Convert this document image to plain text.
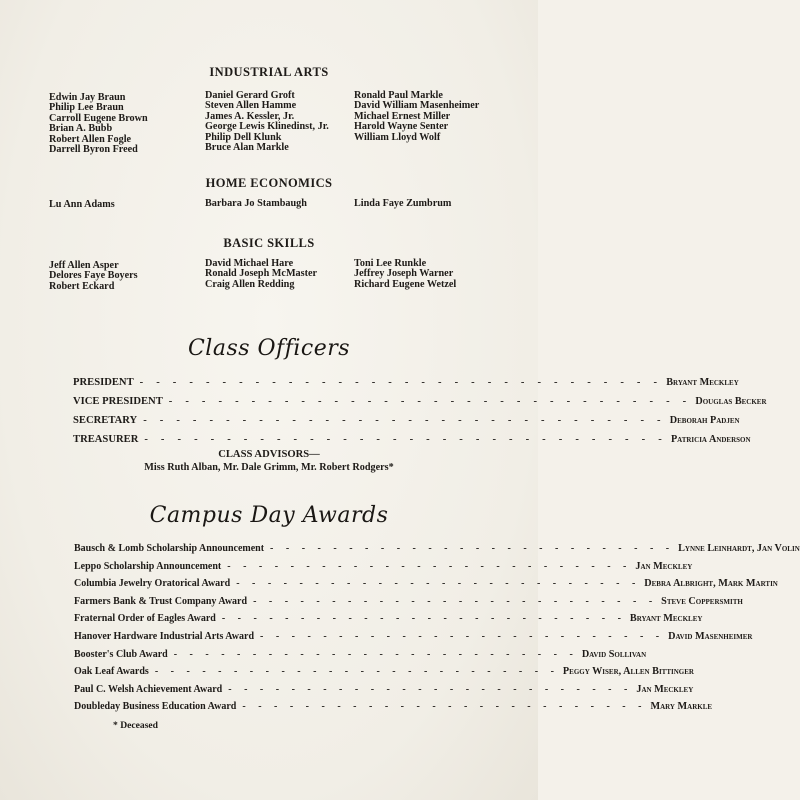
INDUSTRIAL ARTS
Edwin Jay Braun
Philip Lee Braun
Carroll Eugene Brown
Brian A. Bubb
Robert Allen Fogle
Darrell Byron Freed
Daniel Gerard Groft
Steven Allen Hamme
James A. Kessler, Jr.
George Lewis Klinedinst, Jr.
Philip Dell Klunk
Bruce Alan Markle
Ronald Paul Markle
David William Masenheimer
Michael Ernest Miller
Harold Wayne Senter
William Lloyd Wolf
HOME ECONOMICS
Lu Ann Adams	Barbara Jo Stambaugh	Linda Faye Zumbrum
BASIC SKILLS
Jeff Allen Asper
Delores Faye Boyers
Robert Eckard
David Michael Hare
Ronald Joseph McMaster
Craig Allen Redding
Toni Lee Runkle
Jeffrey Joseph Warner
Richard Eugene Wetzel
Class Officers
PRESIDENT - - - - - - - - - - - - - - - - - - - - - - - - - - - - - - - - Bryant Meckley
VICE PRESIDENT - - - - - - - - - - - - - - - - - - - - - - - - - - - - - - - - Douglas Becker
SECRETARY - - - - - - - - - - - - - - - - - - - - - - - - - - - - - - - - Deborah Padjen
TREASURER - - - - - - - - - - - - - - - - - - - - - - - - - - - - - - - - Patricia Anderson
CLASS ADVISORS—
Miss Ruth Alban, Mr. Dale Grimm, Mr. Robert Rodgers*
Campus Day Awards
Bausch & Lomb Scholarship Announcement - - - - - - - - - - - - - - - - - - - - - - - - - - Lynne Leinhardt, Jan Volin
Leppo Scholarship Announcement - - - - - - - - - - - - - - - - - - - - - - - - - - Jan Meckley
Columbia Jewelry Oratorical Award - - - - - - - - - - - - - - - - - - - - - - - - - - Debra Albright, Mark Martin
Farmers Bank & Trust Company Award - - - - - - - - - - - - - - - - - - - - - - - - - - Steve Coppersmith
Fraternal Order of Eagles Award - - - - - - - - - - - - - - - - - - - - - - - - - - Bryant Meckley
Hanover Hardware Industrial Arts Award - - - - - - - - - - - - - - - - - - - - - - - - - - David Masenheimer
Booster's Club Award - - - - - - - - - - - - - - - - - - - - - - - - - - David Sollivan
Oak Leaf Awards - - - - - - - - - - - - - - - - - - - - - - - - - - Peggy Wiser, Allen Bittinger
Paul C. Welsh Achievement Award - - - - - - - - - - - - - - - - - - - - - - - - - - Jan Meckley
Doubleday Business Education Award - - - - - - - - - - - - - - - - - - - - - - - - - - Mary Markle
* Deceased
